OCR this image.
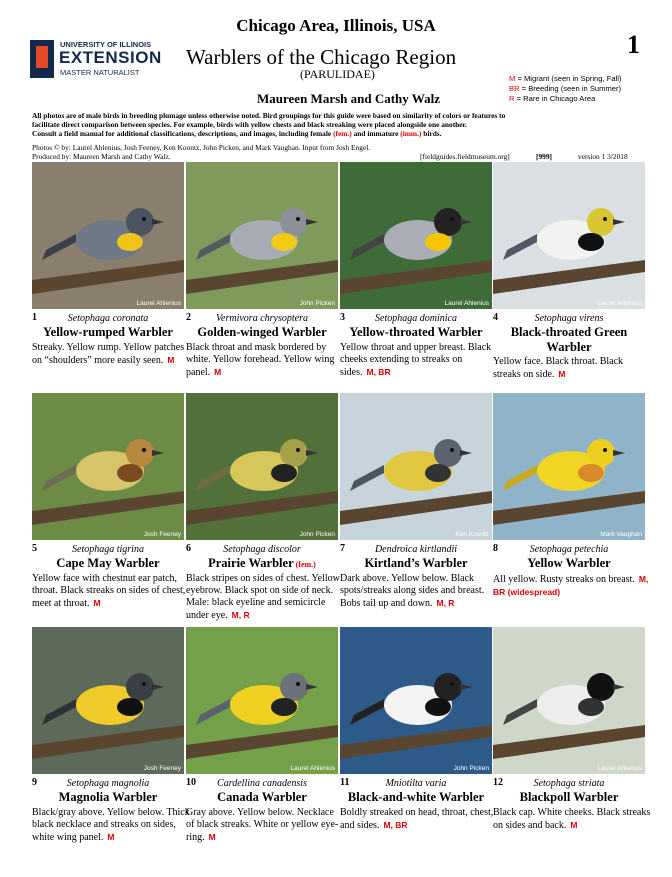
Chicago Area, Illinois, USA
1
UNIVERSITY OF ILLINOIS
EXTENSION
MASTER NATURALIST
Warblers of the Chicago Region
(PARULIDAE)	M = Migrant (seen in Spring, Fall)
BR = Breeding (seen in Summer)
R = Rare in Chicago Area
Maureen Marsh and Cathy Walz
All photos are of male birds in breeding plumage unless otherwise noted. Bird groupings for this guide were based on similarity of colors or features to
facilitate direct comparison between species. For example, birds with yellow chests and black streaking were placed alongside one another.
Consult a field manual for additional classifications, descriptions, and images, including female (fem.) and immature (imm.) birds.
Photos © by: Laurel Ahlenius, Josh Feeney, Ken Koontz, John Picken, and Mark Vaughan. Input from Josh Engel.
Produced by: Maureen Marsh and Cathy Walz.	[fieldguides.fieldmuseum.org]	[999]	version 1 3/2018
Laurel Ahlenius
1	Setophaga coronata
Yellow-rumped Warbler
Streaky. Yellow rump. Yellow patches on “shoulders” more easily seen. M
John Picken
2	Vermivora chrysoptera
Golden-winged Warbler
Black throat and mask bordered by white. Yellow forehead. Yellow wing panel. M
Laurel Ahlenius
3	Setophaga dominica
Yellow-throated Warbler
Yellow throat and upper breast. Black cheeks extending to streaks on sides. M, BR
Laurel Ahlenius
4	Setophaga virens
Black-throated Green Warbler
Yellow face. Black throat. Black streaks on side. M
Josh Feeney
5	Setophaga tigrina
Cape May Warbler
Yellow face with chestnut ear patch, throat. Black streaks on sides of chest, meet at throat. M
John Picken
6	Setophaga discolor
Prairie Warbler (fem.)
Black stripes on sides of chest. Yellow eyebrow. Black spot on side of neck. Male: black eyeline and semicircle under eye. M, R
Ken Koontz
7	Dendroica kirtlandii
Kirtland’s Warbler
Dark above. Yellow below. Black spots/streaks along sides and breast. Bobs tail up and down. M, R
Mark Vaughan
8	Setophaga petechia
Yellow Warbler
All yellow. Rusty streaks on breast. M, BR (widespread)
Josh Feeney
9	Setophaga magnolia
Magnolia Warbler
Black/gray above. Yellow below. Thick black necklace and streaks on sides, white wing panel. M
Laurel Ahlenius
10	Cardellina canadensis
Canada Warbler
Gray above. Yellow below. Necklace of black streaks. White or yellow eye-ring. M
John Picken
11	Mniotilta varia
Black-and-white Warbler
Boldly streaked on head, throat, chest, and sides. M, BR
Laurel Ahlenius
12	Setophaga striata
Blackpoll Warbler
Black cap. White cheeks. Black streaks on sides and back. M
